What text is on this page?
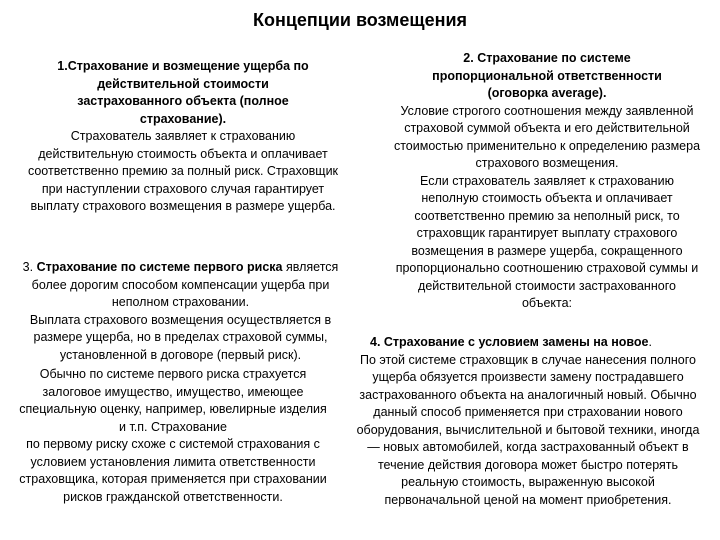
Концепции возмещения

1.Страхование и возмещение ущерба по действительной стоимости застрахованного объекта (полное страхование).

Страхователь заявляет к страхованию действительную стоимость объекта и оплачивает соответственно премию за полный риск. Страховщик при наступлении страхового случая гарантирует выплату страхового возмещения в размере ущерба.

3. Страхование по системе первого риска является более дорогим способом компенсации ущерба при неполном страховании.

Выплата страхового возмещения осуществляется в размере ущерба, но в пределах страховой суммы, установленной в договоре (первый риск).

Обычно по системе первого риска страхуется залоговое имущество, имущество, имеющее специальную оценку, например, ювелирные изделия и т.п. Страхование

по первому риску схоже с системой страхования с условием установления лимита ответственности страховщика, которая применяется при страховании рисков гражданской ответственности.

2. Страхование по системе пропорциональной ответственности (оговорка average).

Условие строгого соотношения между заявленной страховой суммой объекта и его действительной стоимостью применительно к определению размера страхового возмещения.

Если страхователь заявляет к страхованию неполную стоимость объекта и оплачивает соответственно премию за неполный риск, то страховщик гарантирует выплату страхового возмещения в размере ущерба, сокращенного пропорционально соотношению страховой суммы и действительной стоимости застрахованного объекта:

4. Страхование с условием замены на новое.

По этой системе страховщик в случае нанесения полного ущерба обязуется произвести замену пострадавшего застрахованного объекта на аналогичный новый. Обычно данный способ применяется при страховании нового оборудования, вычислительной и бытовой техники, иногда — новых автомобилей, когда застрахованный объект в течение действия договора может быстро потерять реальную стоимость, выраженную высокой первоначальной ценой на момент приобретения.
